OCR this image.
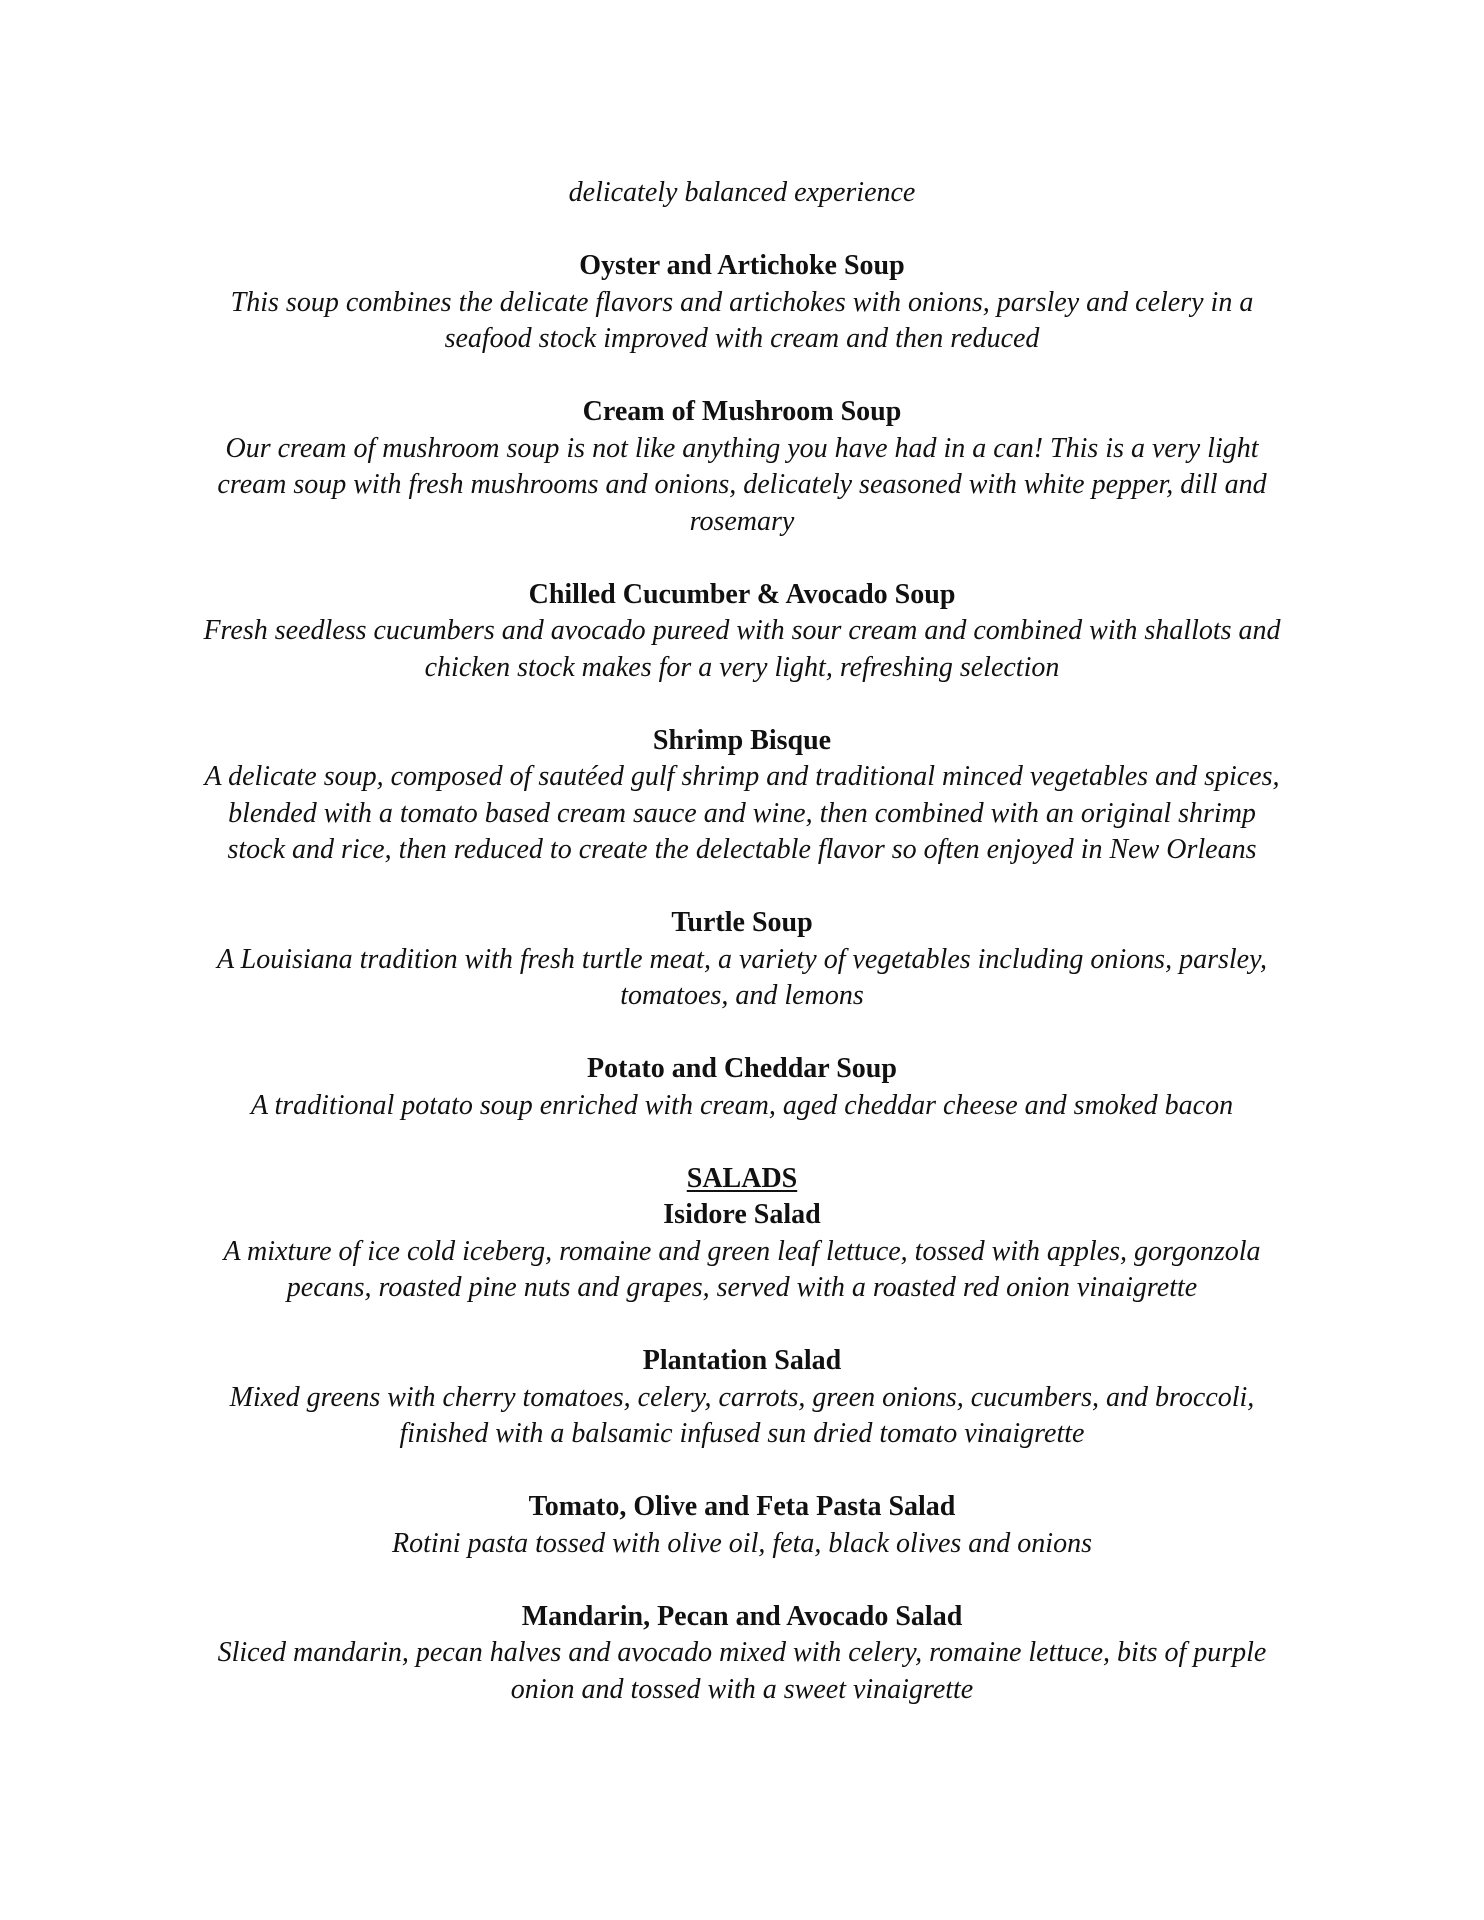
delicately balanced experience

Oyster and Artichoke Soup

This soup combines the delicate flavors and artichokes with onions, parsley and celery in a
seafood stock improved with cream and then reduced

Cream of Mushroom Soup

Our cream of mushroom soup is not like anything you have had in a can! This is a very light
cream soup with fresh mushrooms and onions, delicately seasoned with white pepper, dill and
rosemary

Chilled Cucumber & Avocado Soup

Fresh seedless cucumbers and avocado pureed with sour cream and combined with shallots and
chicken stock makes for a very light, refreshing selection

Shrimp Bisque

A delicate soup, composed of sautéed gulf shrimp and traditional minced vegetables and spices,
blended with a tomato based cream sauce and wine, then combined with an original shrimp
stock and rice, then reduced to create the delectable flavor so often enjoyed in New Orleans

Turtle Soup

A Louisiana tradition with fresh turtle meat, a variety of vegetables including onions, parsley,
tomatoes, and lemons

Potato and Cheddar Soup

A traditional potato soup enriched with cream, aged cheddar cheese and smoked bacon

SALADS

Isidore Salad

A mixture of ice cold iceberg, romaine and green leaf lettuce, tossed with apples, gorgonzola
pecans, roasted pine nuts and grapes, served with a roasted red onion vinaigrette

Plantation Salad

Mixed greens with cherry tomatoes, celery, carrots, green onions, cucumbers, and broccoli,
finished with a balsamic infused sun dried tomato vinaigrette

Tomato, Olive and Feta Pasta Salad

Rotini pasta tossed with olive oil, feta, black olives and onions

Mandarin, Pecan and Avocado Salad

Sliced mandarin, pecan halves and avocado mixed with celery, romaine lettuce, bits of purple
onion and tossed with a sweet vinaigrette
